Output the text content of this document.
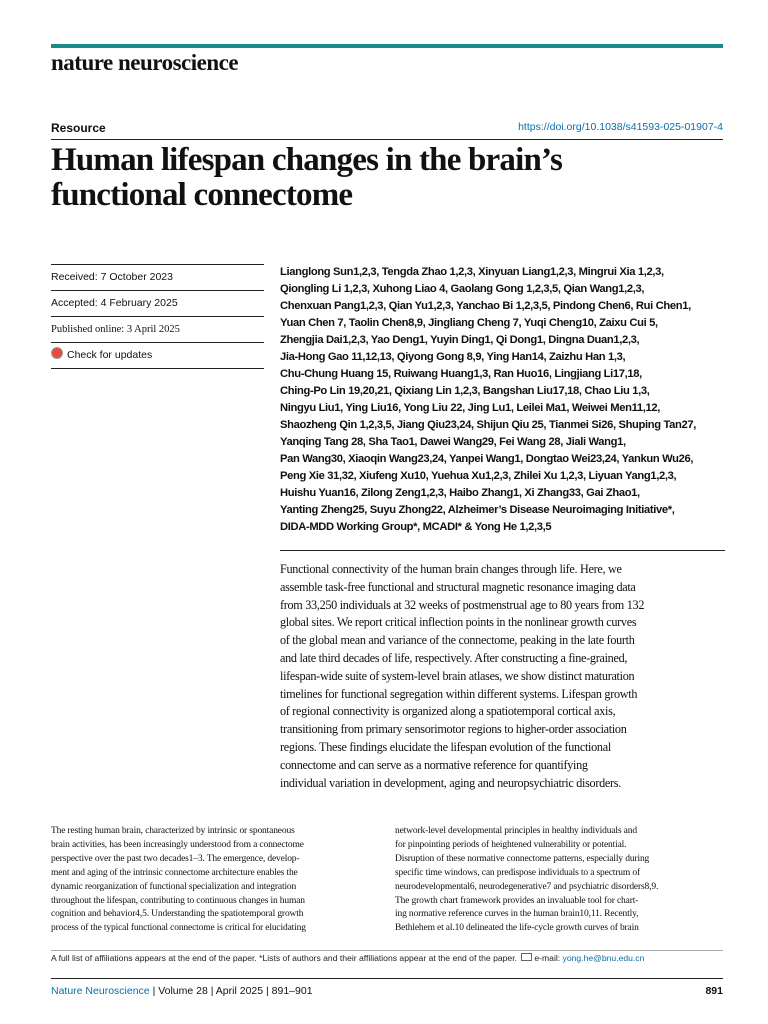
nature neuroscience
Resource	https://doi.org/10.1038/s41593-025-01907-4
Human lifespan changes in the brain’s
functional connectome
Received: 7 October 2023
Accepted: 4 February 2025
Published online: 3 April 2025
Check for updates
Lianglong Sun1,2,3, Tengda Zhao 1,2,3, Xinyuan Liang1,2,3, Mingrui Xia 1,2,3,
Qiongling Li 1,2,3, Xuhong Liao 4, Gaolang Gong 1,2,3,5, Qian Wang1,2,3,
Chenxuan Pang1,2,3, Qian Yu1,2,3, Yanchao Bi 1,2,3,5, Pindong Chen6, Rui Chen1,
Yuan Chen 7, Taolin Chen8,9, Jingliang Cheng 7, Yuqi Cheng10, Zaixu Cui 5,
Zhengjia Dai1,2,3, Yao Deng1, Yuyin Ding1, Qi Dong1, Dingna Duan1,2,3,
Jia-Hong Gao 11,12,13, Qiyong Gong 8,9, Ying Han14, Zaizhu Han 1,3,
Chu-Chung Huang 15, Ruiwang Huang1,3, Ran Huo16, Lingjiang Li17,18,
Ching-Po Lin 19,20,21, Qixiang Lin 1,2,3, Bangshan Liu17,18, Chao Liu 1,3,
Ningyu Liu1, Ying Liu16, Yong Liu 22, Jing Lu1, Leilei Ma1, Weiwei Men11,12,
Shaozheng Qin 1,2,3,5, Jiang Qiu23,24, Shijun Qiu 25, Tianmei Si26, Shuping Tan27,
Yanqing Tang 28, Sha Tao1, Dawei Wang29, Fei Wang 28, Jiali Wang1,
Pan Wang30, Xiaoqin Wang23,24, Yanpei Wang1, Dongtao Wei23,24, Yankun Wu26,
Peng Xie 31,32, Xiufeng Xu10, Yuehua Xu1,2,3, Zhilei Xu 1,2,3, Liyuan Yang1,2,3,
Huishu Yuan16, Zilong Zeng1,2,3, Haibo Zhang1, Xi Zhang33, Gai Zhao1,
Yanting Zheng25, Suyu Zhong22, Alzheimer’s Disease Neuroimaging Initiative*,
DIDA-MDD Working Group*, MCADI* & Yong He 1,2,3,5
Functional connectivity of the human brain changes through life. Here, we
assemble task-free functional and structural magnetic resonance imaging data
from 33,250 individuals at 32 weeks of postmenstrual age to 80 years from 132
global sites. We report critical inflection points in the nonlinear growth curves
of the global mean and variance of the connectome, peaking in the late fourth
and late third decades of life, respectively. After constructing a fine-grained,
lifespan-wide suite of system-level brain atlases, we show distinct maturation
timelines for functional segregation within different systems. Lifespan growth
of regional connectivity is organized along a spatiotemporal cortical axis,
transitioning from primary sensorimotor regions to higher-order association
regions. These findings elucidate the lifespan evolution of the functional
connectome and can serve as a normative reference for quantifying
individual variation in development, aging and neuropsychiatric disorders.
The resting human brain, characterized by intrinsic or spontaneous
brain activities, has been increasingly understood from a connectome
perspective over the past two decades1–3. The emergence, develop-
ment and aging of the intrinsic connectome architecture enables the
dynamic reorganization of functional specialization and integration
throughout the lifespan, contributing to continuous changes in human
cognition and behavior4,5. Understanding the spatiotemporal growth
process of the typical functional connectome is critical for elucidating
network-level developmental principles in healthy individuals and
for pinpointing periods of heightened vulnerability or potential.
Disruption of these normative connectome patterns, especially during
specific time windows, can predispose individuals to a spectrum of
neurodevelopmental6, neurodegenerative7 and psychiatric disorders8,9.
The growth chart framework provides an invaluable tool for chart-
ing normative reference curves in the human brain10,11. Recently,
Bethlehem et al.10 delineated the life-cycle growth curves of brain
A full list of affiliations appears at the end of the paper. *Lists of authors and their affiliations appear at the end of the paper. e-mail: yong.he@bnu.edu.cn
Nature Neuroscience | Volume 28 | April 2025 | 891–901	891
